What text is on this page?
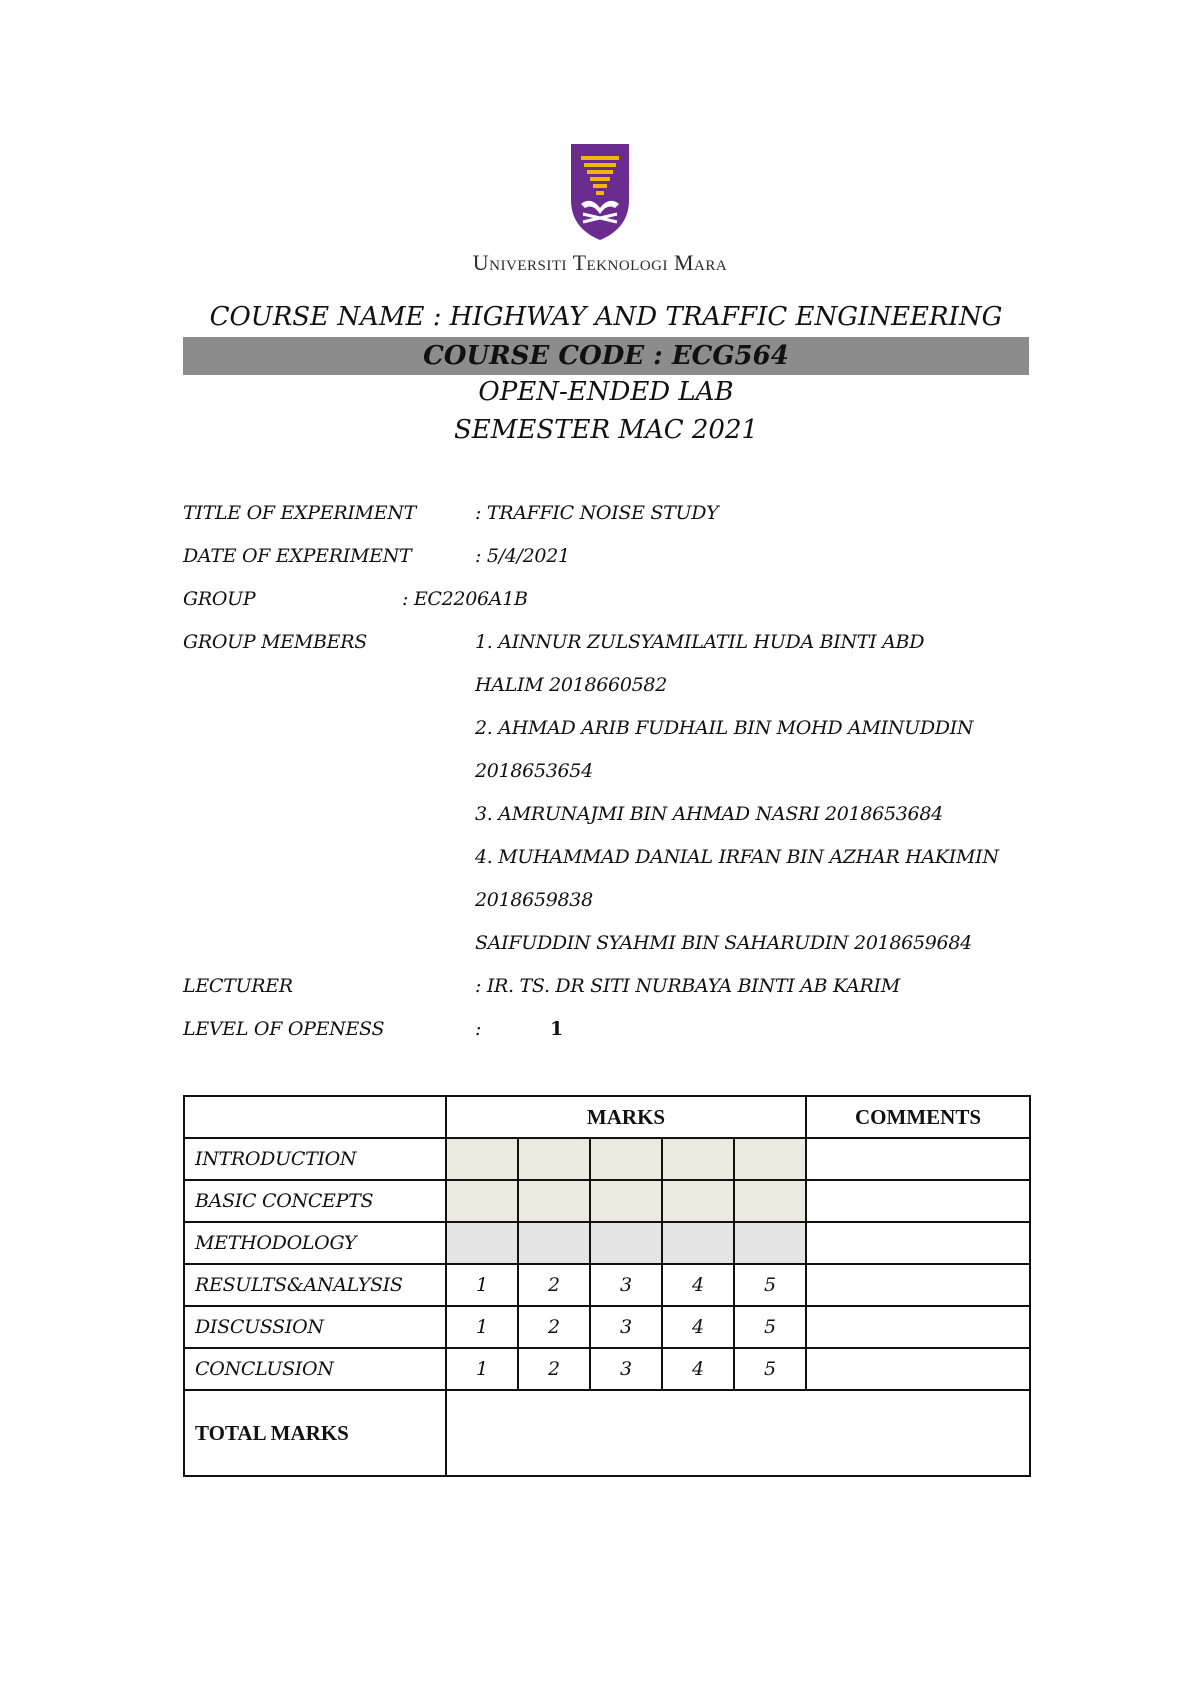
Universiti Teknologi Mara
COURSE NAME : HIGHWAY AND TRAFFIC ENGINEERING
COURSE CODE : ECG564
OPEN-ENDED LAB
SEMESTER MAC 2021
TITLE OF EXPERIMENT	: TRAFFIC NOISE STUDY
DATE OF EXPERIMENT	: 5/4/2021
GROUP	: EC2206A1B
GROUP MEMBERS	1. AINNUR ZULSYAMILATIL HUDA BINTI ABD
HALIM 2018660582
2. AHMAD ARIB FUDHAIL BIN MOHD AMINUDDIN
2018653654
3. AMRUNAJMI BIN AHMAD NASRI 2018653684
4. MUHAMMAD DANIAL IRFAN BIN AZHAR HAKIMIN
2018659838
SAIFUDDIN SYAHMI BIN SAHARUDIN 2018659684
LECTURER	: IR. TS. DR SITI NURBAYA BINTI AB KARIM
LEVEL OF OPENESS	:	1
	MARKS					COMMENTS
INTRODUCTION						
BASIC CONCEPTS						
METHODOLOGY						
RESULTS&ANALYSIS	1	2	3	4	5	
DISCUSSION	1	2	3	4	5	
CONCLUSION	1	2	3	4	5	
TOTAL MARKS						
